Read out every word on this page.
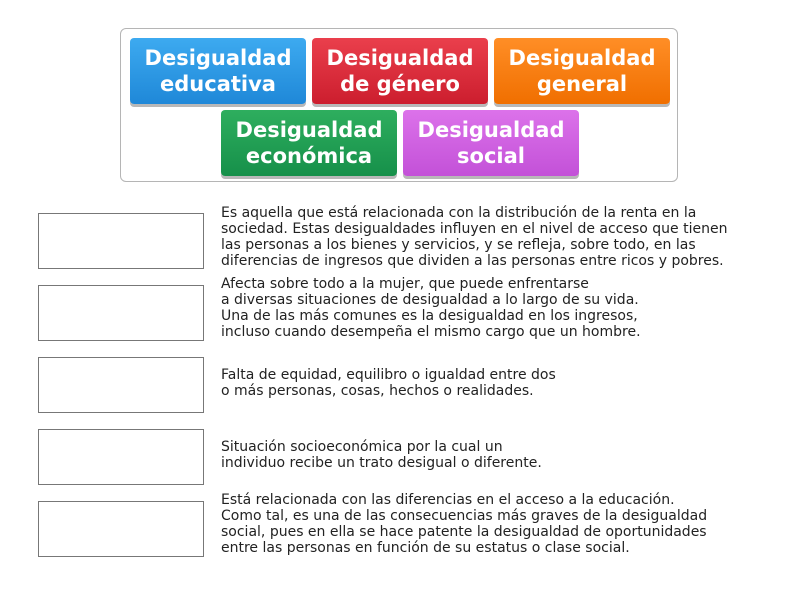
Desigualdad
educativa
Desigualdad
de género
Desigualdad
general
Desigualdad
económica
Desigualdad
social

Es aquella que está relacionada con la distribución de la renta en la
sociedad. Estas desigualdades influyen en el nivel de acceso que tienen
las personas a los bienes y servicios, y se refleja, sobre todo, en las
diferencias de ingresos que dividen a las personas entre ricos y pobres.

Afecta sobre todo a la mujer, que puede enfrentarse
a diversas situaciones de desigualdad a lo largo de su vida.
Una de las más comunes es la desigualdad en los ingresos,
incluso cuando desempeña el mismo cargo que un hombre.

Falta de equidad, equilibro o igualdad entre dos
o más personas, cosas, hechos o realidades.

Situación socioeconómica por la cual un
individuo recibe un trato desigual o diferente.

Está relacionada con las diferencias en el acceso a la educación.
Como tal, es una de las consecuencias más graves de la desigualdad
social, pues en ella se hace patente la desigualdad de oportunidades
entre las personas en función de su estatus o clase social.
